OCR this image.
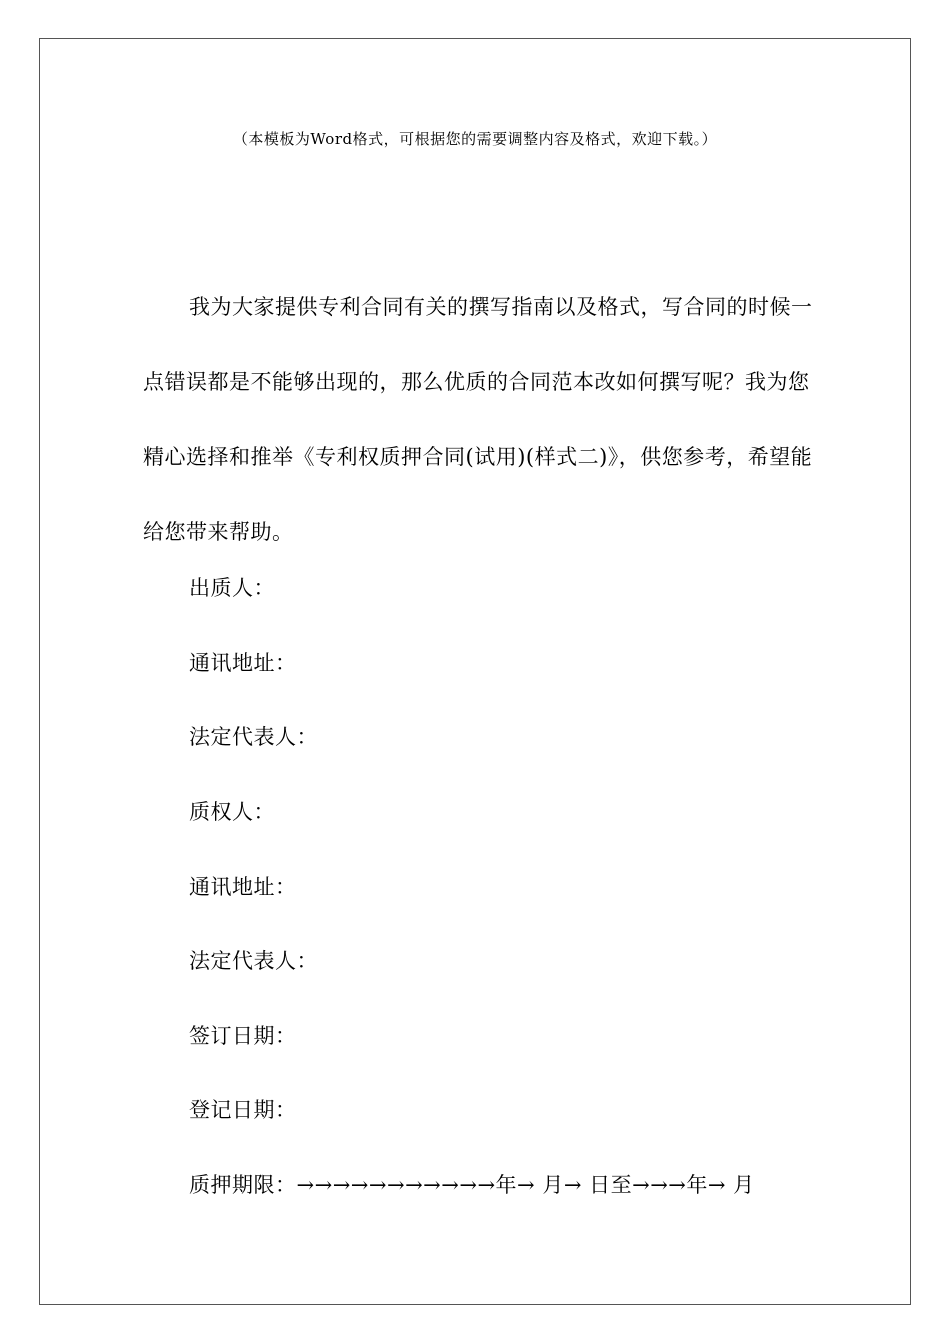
（本模板为Word格式，可根据您的需要调整内容及格式，欢迎下载。）

我为大家提供专利合同有关的撰写指南以及格式，写合同的时候一点错误都是不能够出现的，那么优质的合同范本改如何撰写呢？我为您精心选择和推举《专利权质押合同(试用)(样式二)》，供您参考，希望能给您带来帮助。

出质人：

通讯地址：

法定代表人：

质权人：

通讯地址：

法定代表人：

签订日期：

登记日期：

质押期限：→→→→→→→→→→→年→ 月→ 日至→→→年→ 月
